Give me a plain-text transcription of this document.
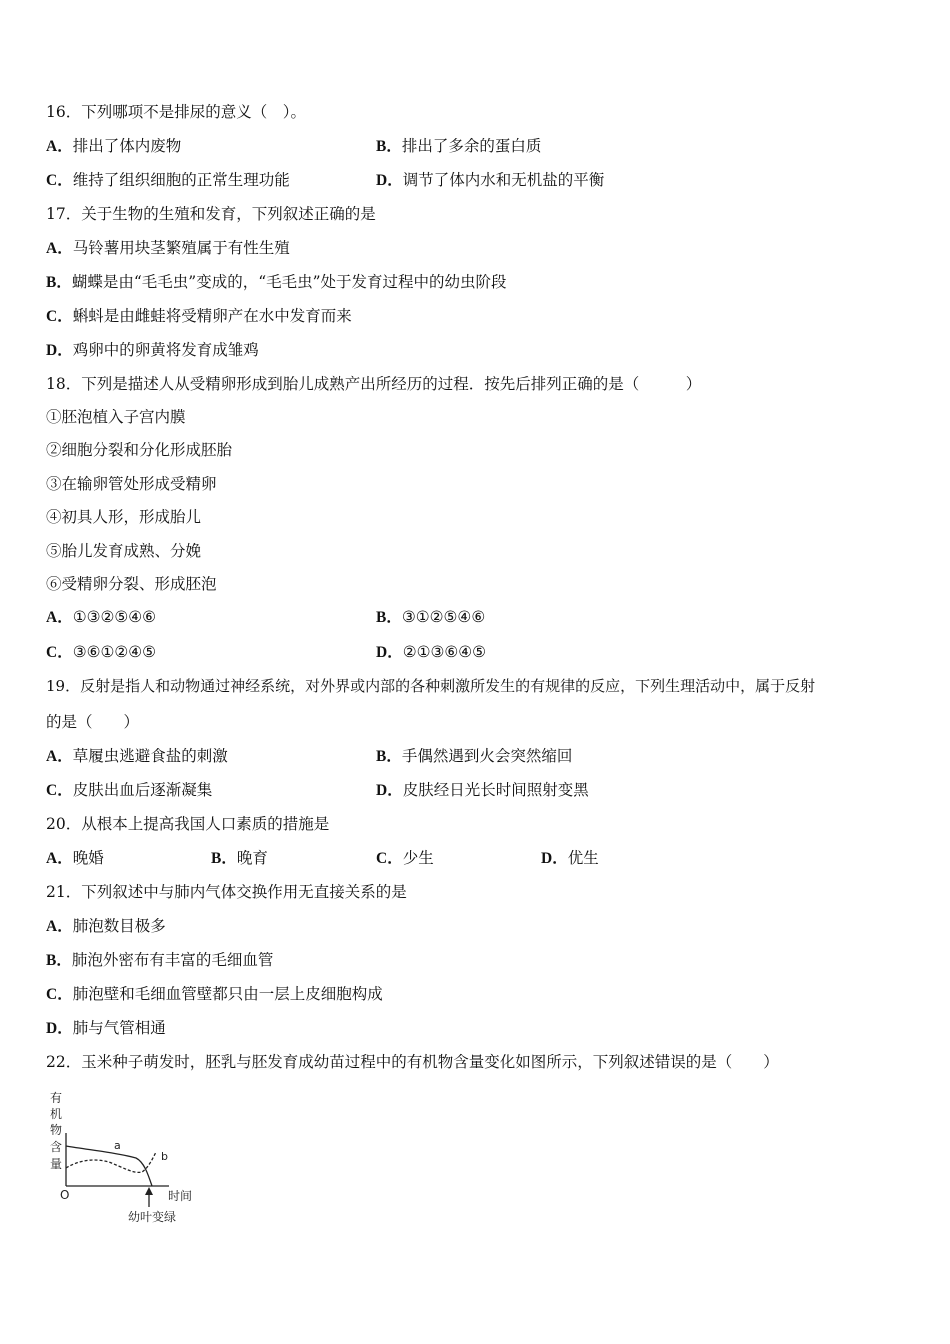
16．下列哪项不是排尿的意义（　）。
A．排出了体内废物	B．排出了多余的蛋白质
C．维持了组织细胞的正常生理功能	D．调节了体内水和无机盐的平衡
17．关于生物的生殖和发育，下列叙述正确的是
A．马铃薯用块茎繁殖属于有性生殖
B．蝴蝶是由“毛毛虫”变成的，“毛毛虫”处于发育过程中的幼虫阶段
C．蝌蚪是由雌蛙将受精卵产在水中发育而来
D．鸡卵中的卵黄将发育成雏鸡
18．下列是描述人从受精卵形成到胎儿成熟产出所经历的过程．按先后排列正确的是（　　　）
①胚泡植入子宫内膜
②细胞分裂和分化形成胚胎
③在输卵管处形成受精卵
④初具人形，形成胎儿
⑤胎儿发育成熟、分娩
⑥受精卵分裂、形成胚泡
A．①③②⑤④⑥	B．③①②⑤④⑥
C．③⑥①②④⑤	D．②①③⑥④⑤
19．反射是指人和动物通过神经系统，对外界或内部的各种刺激所发生的有规律的反应，下列生理活动中，属于反射
的是（　　）
A．草履虫逃避食盐的刺激	B．手偶然遇到火会突然缩回
C．皮肤出血后逐渐凝集	D．皮肤经日光长时间照射变黑
20．从根本上提高我国人口素质的措施是
A．晚婚	B．晚育	C．少生	D．优生
21．下列叙述中与肺内气体交换作用无直接关系的是
A．肺泡数目极多
B．肺泡外密布有丰富的毛细血管
C．肺泡壁和毛细血管壁都只由一层上皮细胞构成
D．肺与气管相通
22．玉米种子萌发时，胚乳与胚发育成幼苗过程中的有机物含量变化如图所示，下列叙述错误的是（　　）
有
机
物
含
量
O	时间
a
b
幼叶变绿
